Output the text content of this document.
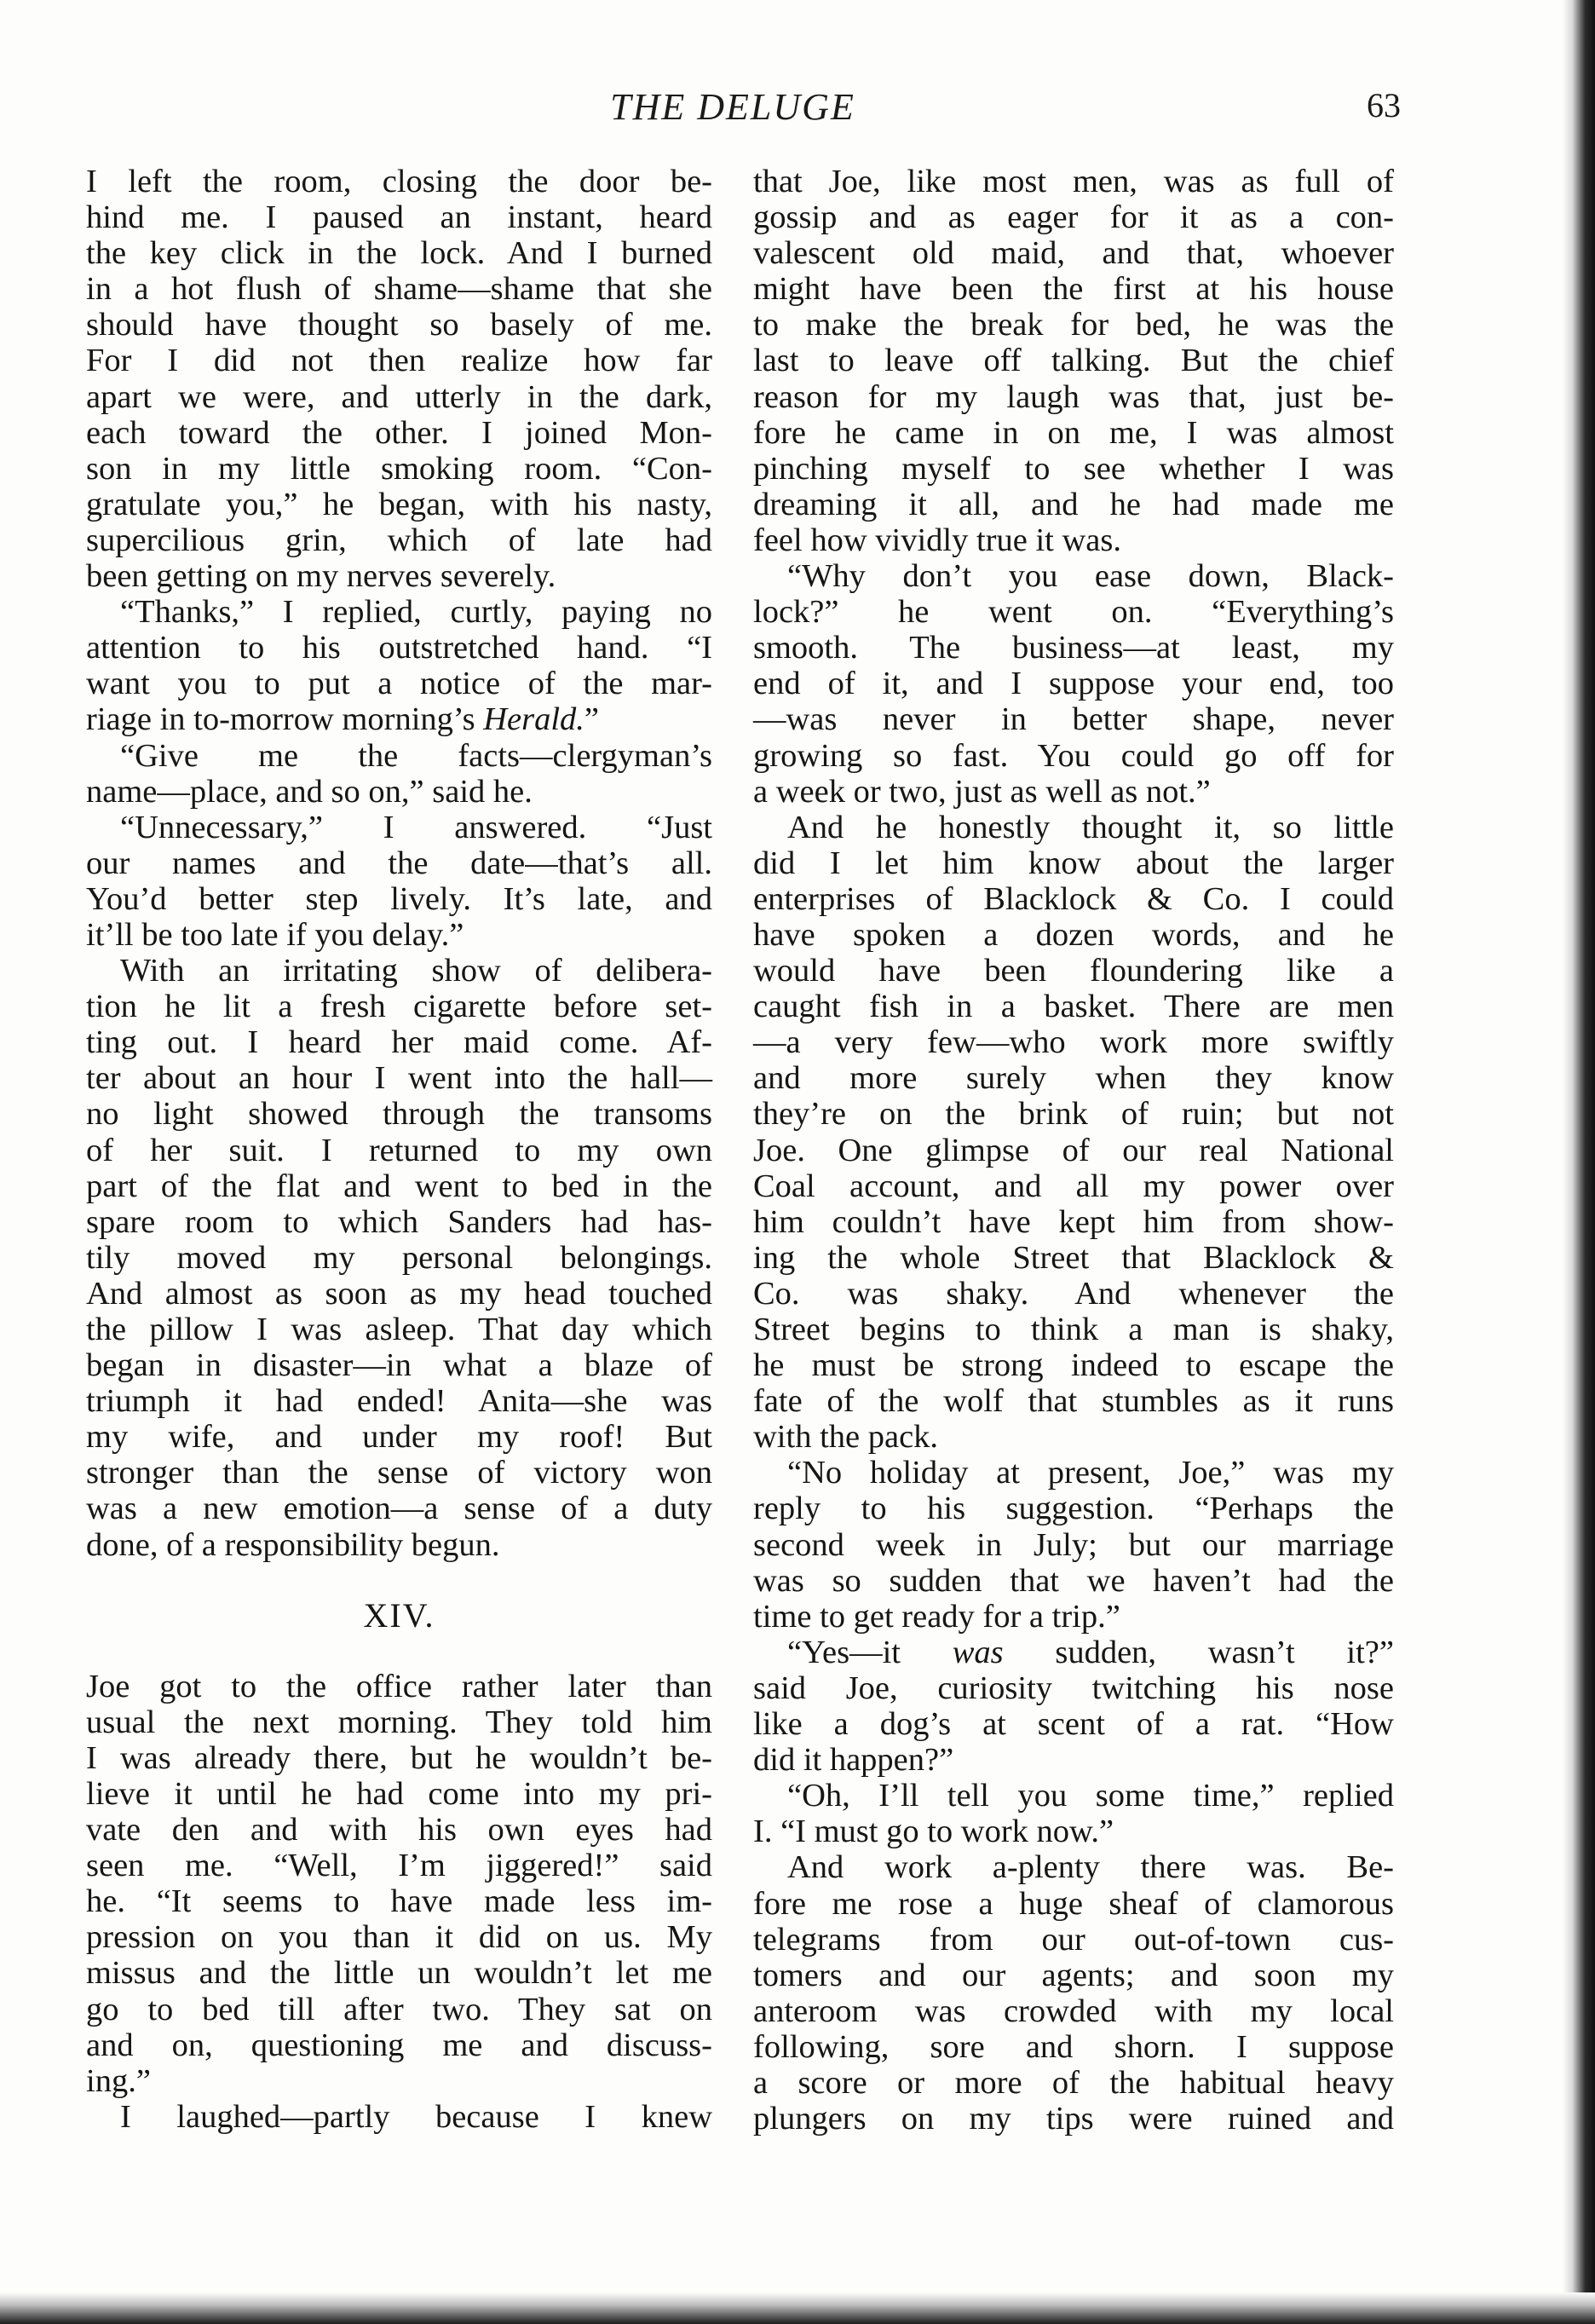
THE DELUGE	63
I left the room, closing the door be-
hind me. I paused an instant, heard
the key click in the lock. And I burned
in a hot flush of shame—shame that she
should have thought so basely of me.
For I did not then realize how far
apart we were, and utterly in the dark,
each toward the other. I joined Mon-
son in my little smoking room. “Con-
gratulate you,” he began, with his nasty,
supercilious grin, which of late had
been getting on my nerves severely.
“Thanks,” I replied, curtly, paying no
attention to his outstretched hand. “I
want you to put a notice of the mar-
riage in to-morrow morning’s Herald.”
“Give me the facts—clergyman’s
name—place, and so on,” said he.
“Unnecessary,” I answered. “Just
our names and the date—that’s all.
You’d better step lively. It’s late, and
it’ll be too late if you delay.”
With an irritating show of delibera-
tion he lit a fresh cigarette before set-
ting out. I heard her maid come. Af-
ter about an hour I went into the hall—
no light showed through the transoms
of her suit. I returned to my own
part of the flat and went to bed in the
spare room to which Sanders had has-
tily moved my personal belongings.
And almost as soon as my head touched
the pillow I was asleep. That day which
began in disaster—in what a blaze of
triumph it had ended! Anita—she was
my wife, and under my roof! But
stronger than the sense of victory won
was a new emotion—a sense of a duty
done, of a responsibility begun.
XIV.
Joe got to the office rather later than
usual the next morning. They told him
I was already there, but he wouldn’t be-
lieve it until he had come into my pri-
vate den and with his own eyes had
seen me. “Well, I’m jiggered!” said
he. “It seems to have made less im-
pression on you than it did on us. My
missus and the little un wouldn’t let me
go to bed till after two. They sat on
and on, questioning me and discuss-
ing.”
I laughed—partly because I knew
that Joe, like most men, was as full of
gossip and as eager for it as a con-
valescent old maid, and that, whoever
might have been the first at his house
to make the break for bed, he was the
last to leave off talking. But the chief
reason for my laugh was that, just be-
fore he came in on me, I was almost
pinching myself to see whether I was
dreaming it all, and he had made me
feel how vividly true it was.
“Why don’t you ease down, Black-
lock?” he went on. “Everything’s
smooth. The business—at least, my
end of it, and I suppose your end, too
—was never in better shape, never
growing so fast. You could go off for
a week or two, just as well as not.”
And he honestly thought it, so little
did I let him know about the larger
enterprises of Blacklock & Co. I could
have spoken a dozen words, and he
would have been floundering like a
caught fish in a basket. There are men
—a very few—who work more swiftly
and more surely when they know
they’re on the brink of ruin; but not
Joe. One glimpse of our real National
Coal account, and all my power over
him couldn’t have kept him from show-
ing the whole Street that Blacklock &
Co. was shaky. And whenever the
Street begins to think a man is shaky,
he must be strong indeed to escape the
fate of the wolf that stumbles as it runs
with the pack.
“No holiday at present, Joe,” was my
reply to his suggestion. “Perhaps the
second week in July; but our marriage
was so sudden that we haven’t had the
time to get ready for a trip.”
“Yes—it was sudden, wasn’t it?”
said Joe, curiosity twitching his nose
like a dog’s at scent of a rat. “How
did it happen?”
“Oh, I’ll tell you some time,” replied
I. “I must go to work now.”
And work a-plenty there was. Be-
fore me rose a huge sheaf of clamorous
telegrams from our out-of-town cus-
tomers and our agents; and soon my
anteroom was crowded with my local
following, sore and shorn. I suppose
a score or more of the habitual heavy
plungers on my tips were ruined and
